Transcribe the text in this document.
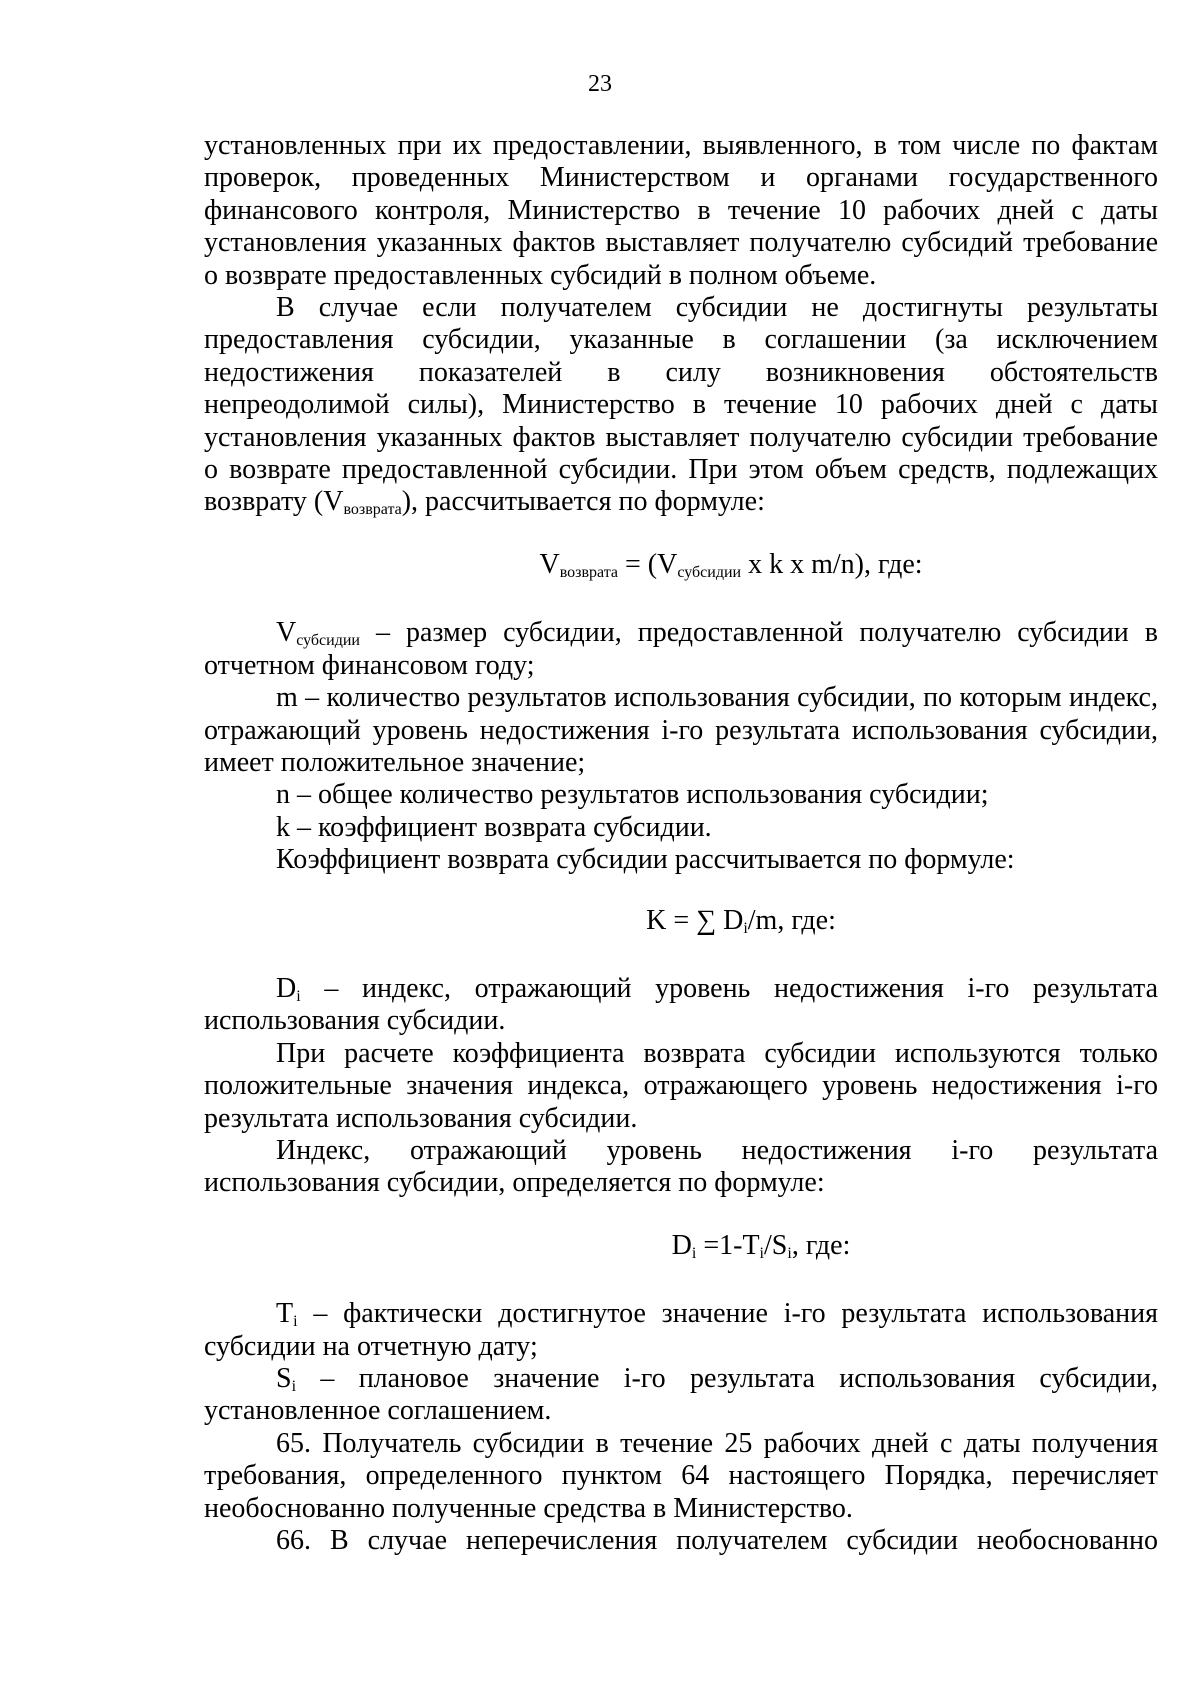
23

установленных при их предоставлении, выявленного, в том числе по фактам проверок, проведенных Министерством и органами государственного финансового контроля, Министерство в течение 10 рабочих дней с даты установления указанных фактов выставляет получателю субсидий требование о возврате предоставленных субсидий в полном объеме.

В случае если получателем субсидии не достигнуты результаты предоставления субсидии, указанные в соглашении (за исключением недостижения показателей в силу возникновения обстоятельств непреодолимой силы), Министерство в течение 10 рабочих дней с даты установления указанных фактов выставляет получателю субсидии требование о возврате предоставленной субсидии. При этом объем средств, подлежащих возврату $(V_{возврата})$, рассчитывается по формуле:

$V_{возврата} = (V_{субсидии}$ x k x m/n), где:

$V_{субсидии}$ – размер субсидии, предоставленной получателю субсидии в отчетном финансовом году;

m – количество результатов использования субсидии, по которым индекс, отражающий уровень недостижения i-го результата использования субсидии, имеет положительное значение;

n – общее количество результатов использования субсидии;

k – коэффициент возврата субсидии.

Коэффициент возврата субсидии рассчитывается по формуле:

K = ∑ $D_i/m$, где:

$D_i$ – индекс, отражающий уровень недостижения i-го результата использования субсидии.

При расчете коэффициента возврата субсидии используются только положительные значения индекса, отражающего уровень недостижения i-го результата использования субсидии.

Индекс, отражающий уровень недостижения i-го результата использования субсидии, определяется по формуле:

$D_i =1-T_i/S_i$, где:

$T_i$ – фактически достигнутое значение i-го результата использования субсидии на отчетную дату;

$S_i$ – плановое значение i-го результата использования субсидии, установленное соглашением.

65. Получатель субсидии в течение 25 рабочих дней с даты получения требования, определенного пунктом 64 настоящего Порядка, перечисляет необоснованно полученные средства в Министерство.

66. В случае неперечисления получателем субсидии необоснованно
